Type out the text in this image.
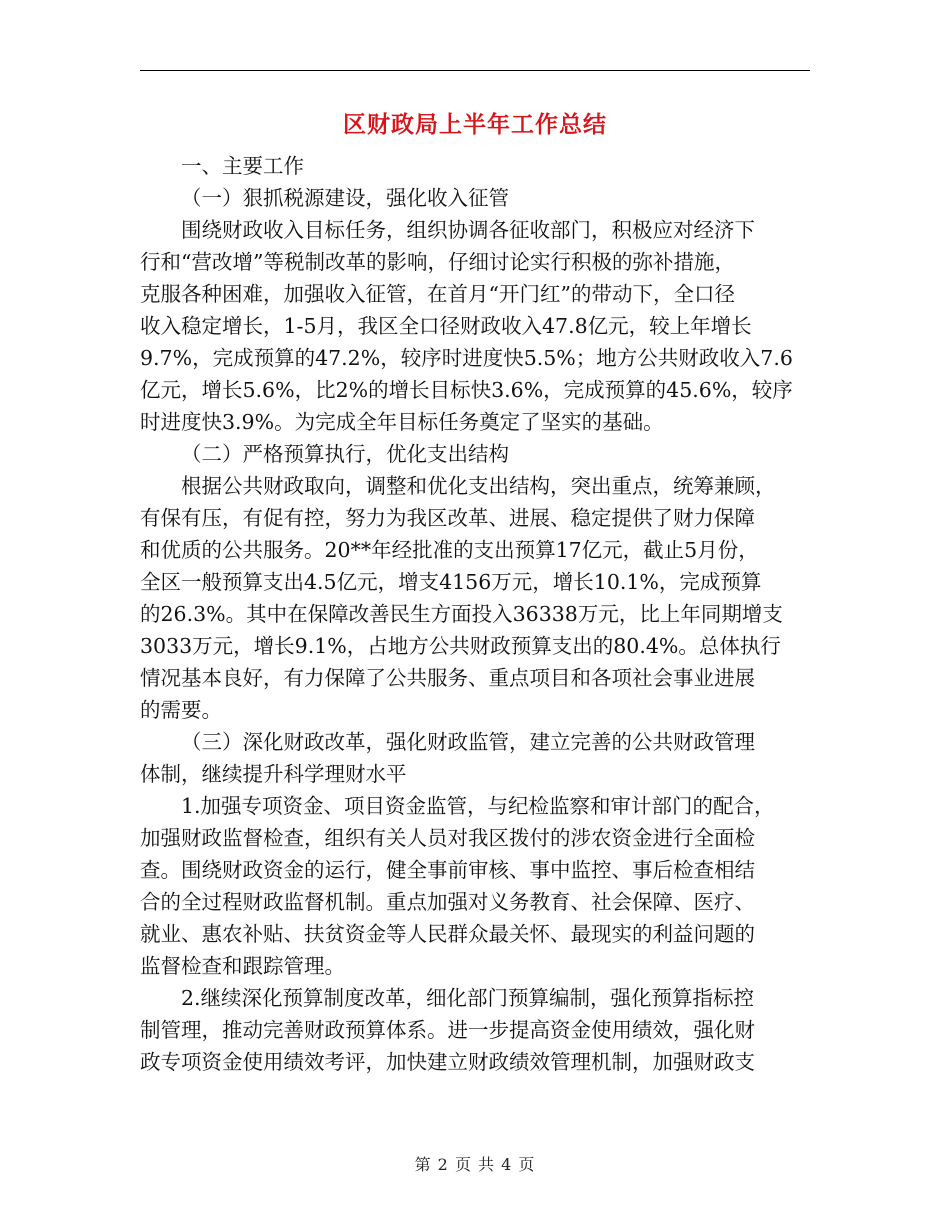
区财政局上半年工作总结
一、主要工作
（一）狠抓税源建设，强化收入征管
围绕财政收入目标任务，组织协调各征收部门，积极应对经济下
行和“营改增”等税制改革的影响，仔细讨论实行积极的弥补措施，
克服各种困难，加强收入征管，在首月“开门红”的带动下，全口径
收入稳定增长，1-5月，我区全口径财政收入47.8亿元，较上年增长
9.7%，完成预算的47.2%，较序时进度快5.5%；地方公共财政收入7.6
亿元，增长5.6%，比2%的增长目标快3.6%，完成预算的45.6%，较序
时进度快3.9%。为完成全年目标任务奠定了坚实的基础。
（二）严格预算执行，优化支出结构
根据公共财政取向，调整和优化支出结构，突出重点，统筹兼顾，
有保有压，有促有控，努力为我区改革、进展、稳定提供了财力保障
和优质的公共服务。20**年经批准的支出预算17亿元，截止5月份，
全区一般预算支出4.5亿元，增支4156万元，增长10.1%，完成预算
的26.3%。其中在保障改善民生方面投入36338万元，比上年同期增支
3033万元，增长9.1%，占地方公共财政预算支出的80.4%。总体执行
情况基本良好，有力保障了公共服务、重点项目和各项社会事业进展
的需要。
（三）深化财政改革，强化财政监管，建立完善的公共财政管理
体制，继续提升科学理财水平
1.加强专项资金、项目资金监管，与纪检监察和审计部门的配合，
加强财政监督检查，组织有关人员对我区拨付的涉农资金进行全面检
查。围绕财政资金的运行，健全事前审核、事中监控、事后检查相结
合的全过程财政监督机制。重点加强对义务教育、社会保障、医疗、
就业、惠农补贴、扶贫资金等人民群众最关怀、最现实的利益问题的
监督检查和跟踪管理。
2.继续深化预算制度改革，细化部门预算编制，强化预算指标控
制管理，推动完善财政预算体系。进一步提高资金使用绩效，强化财
政专项资金使用绩效考评，加快建立财政绩效管理机制，加强财政支
第 2 页 共 4 页
